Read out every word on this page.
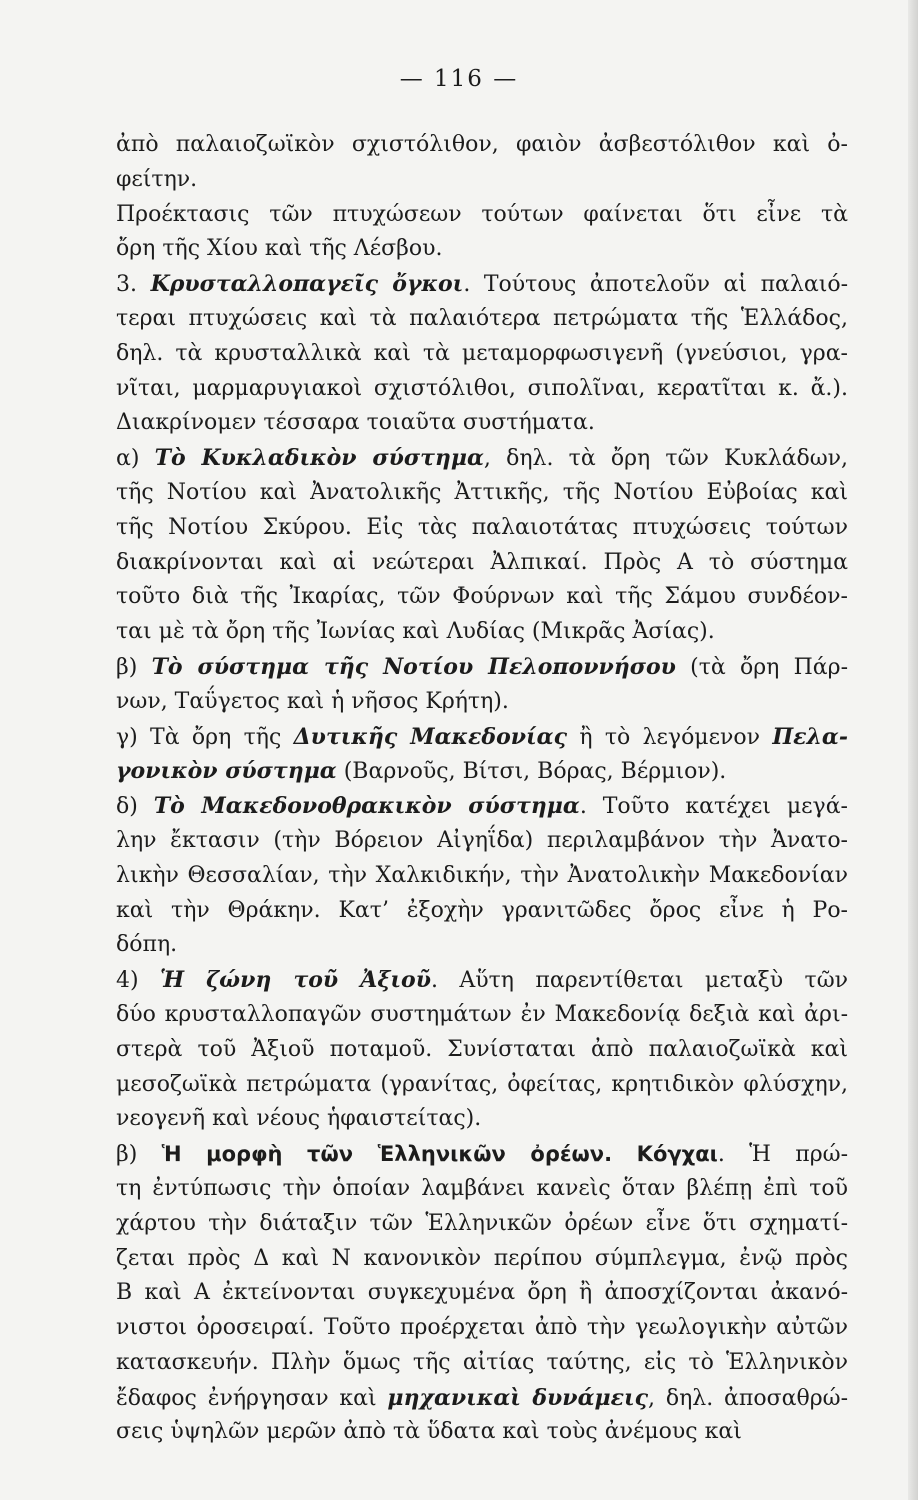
— 116 —
ἀπὸ παλαιοζωϊκὸν σχιστόλιθον, φαιὸν ἀσβεστόλιθον καὶ ὀ-
φείτην.
Προέκτασις τῶν πτυχώσεων τούτων φαίνεται ὅτι εἶνε τὰ
ὄρη τῆς Χίου καὶ τῆς Λέσβου.
3. Κρυσταλλοπαγεῖς ὄγκοι. Τούτους ἀποτελοῦν αἱ παλαιό-
τεραι πτυχώσεις καὶ τὰ παλαιότερα πετρώματα τῆς Ἑλλάδος,
δηλ. τὰ κρυσταλλικὰ καὶ τὰ μεταμορφωσιγενῆ (γνεύσιοι, γρα-
νῖται, μαρμαρυγιακοὶ σχιστόλιθοι, σιπολῖναι, κερατῖται κ. ἄ.).
Διακρίνομεν τέσσαρα τοιαῦτα συστήματα.
α) Τὸ Κυκλαδικὸν σύστημα, δηλ. τὰ ὄρη τῶν Κυκλάδων,
τῆς Νοτίου καὶ Ἀνατολικῆς Ἀττικῆς, τῆς Νοτίου Εὐβοίας καὶ
τῆς Νοτίου Σκύρου. Εἰς τὰς παλαιοτάτας πτυχώσεις τούτων
διακρίνονται καὶ αἱ νεώτεραι Ἀλπικαί. Πρὸς Α τὸ σύστημα
τοῦτο διὰ τῆς Ἰκαρίας, τῶν Φούρνων καὶ τῆς Σάμου συνδέον-
ται μὲ τὰ ὄρη τῆς Ἰωνίας καὶ Λυδίας (Μικρᾶς Ἀσίας).
β) Τὸ σύστημα τῆς Νοτίου Πελοποννήσου (τὰ ὄρη Πάρ-
νων, Ταΰγετος καὶ ἡ νῆσος Κρήτη).
γ) Τὰ ὄρη τῆς Δυτικῆς Μακεδονίας ἢ τὸ λεγόμενον Πελα-
γονικὸν σύστημα (Βαρνοῦς, Βίτσι, Βόρας, Βέρμιον).
δ) Τὸ Μακεδονοθρακικὸν σύστημα. Τοῦτο κατέχει μεγά-
λην ἔκτασιν (τὴν Βόρειον Αἰγηΐδα) περιλαμβάνον τὴν Ἀνατο-
λικὴν Θεσσαλίαν, τὴν Χαλκιδικήν, τὴν Ἀνατολικὴν Μακεδονίαν
καὶ τὴν Θράκην. Κατ’ ἐξοχὴν γρανιτῶδες ὄρος εἶνε ἡ Ρο-
δόπη.
4) Ἡ ζώνη τοῦ Ἀξιοῦ. Αὕτη παρεντίθεται μεταξὺ τῶν
δύο κρυσταλλοπαγῶν συστημάτων ἐν Μακεδονίᾳ δεξιὰ καὶ ἀρι-
στερὰ τοῦ Ἀξιοῦ ποταμοῦ. Συνίσταται ἀπὸ παλαιοζωϊκὰ καὶ
μεσοζωϊκὰ πετρώματα (γρανίτας, ὀφείτας, κρητιδικὸν φλύσχην,
νεογενῆ καὶ νέους ἡφαιστείτας).
β) Ἡ μορφὴ τῶν Ἑλληνικῶν ὀρέων. Κόγχαι. Ἡ πρώ-
τη ἐντύπωσις τὴν ὁποίαν λαμβάνει κανεὶς ὅταν βλέπῃ ἐπὶ τοῦ
χάρτου τὴν διάταξιν τῶν Ἑλληνικῶν ὀρέων εἶνε ὅτι σχηματί-
ζεται πρὸς Δ καὶ Ν κανονικὸν περίπου σύμπλεγμα, ἐνῷ πρὸς
Β καὶ Α ἐκτείνονται συγκεχυμένα ὄρη ἢ ἀποσχίζονται ἀκανό-
νιστοι ὀροσειραί. Τοῦτο προέρχεται ἀπὸ τὴν γεωλογικὴν αὐτῶν
κατασκευήν. Πλὴν ὅμως τῆς αἰτίας ταύτης, εἰς τὸ Ἑλληνικὸν
ἔδαφος ἐνήργησαν καὶ μηχανικαὶ δυνάμεις, δηλ. ἀποσαθρώ-
σεις ὑψηλῶν μερῶν ἀπὸ τὰ ὕδατα καὶ τοὺς ἀνέμους καὶ
